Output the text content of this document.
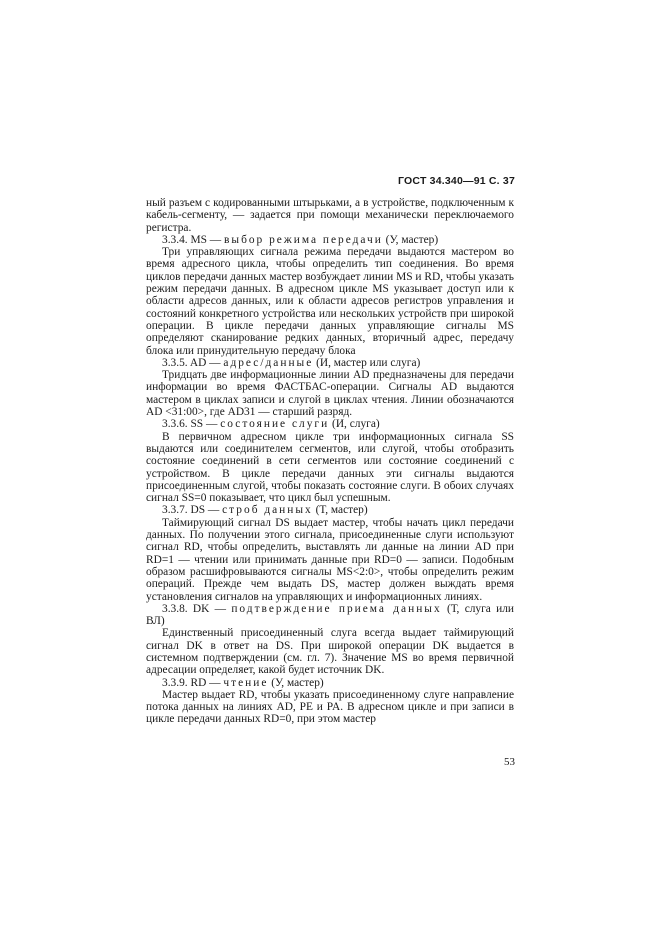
ГОСТ 34.340—91 С. 37

ный разъем с кодированными штырьками, а в устройстве, подключенным к кабель-сегменту, — задается при помощи механически переключаемого регистра.

3.3.4. MS — выбор режима передачи (У, мастер)

Три управляющих сигнала режима передачи выдаются мастером во время адресного цикла, чтобы определить тип соединения. Во время циклов передачи данных мастер возбуждает линии MS и RD, чтобы указать режим передачи данных. В адресном цикле MS указывает доступ или к области адресов данных, или к области адресов регистров управления и состояний конкретного устройства или нескольких устройств при широкой операции. В цикле передачи данных управляющие сигналы MS определяют сканирование редких данных, вторичный адрес, передачу блока или принудительную передачу блока

3.3.5. AD — адрес/данные (И, мастер или слуга)

Тридцать две информационные линии AD предназначены для передачи информации во время ФАСТБАС-операции. Сигналы AD выдаются мастером в циклах записи и слугой в циклах чтения. Линии обозначаются AD <31:00>, где AD31 — старший разряд.

3.3.6. SS — состояние слуги (И, слуга)

В первичном адресном цикле три информационных сигнала SS выдаются или соединителем сегментов, или слугой, чтобы отобразить состояние соединений в сети сегментов или состояние соединений с устройством. В цикле передачи данных эти сигналы выдаются присоединенным слугой, чтобы показать состояние слуги. В обоих случаях сигнал SS=0 показывает, что цикл был успешным.

3.3.7. DS — строб данных (Т, мастер)

Таймирующий сигнал DS выдает мастер, чтобы начать цикл передачи данных. По получении этого сигнала, присоединенные слуги используют сигнал RD, чтобы определить, выставлять ли данные на линии AD при RD=1 — чтении или принимать данные при RD=0 — записи. Подобным образом расшифровываются сигналы MS<2:0>, чтобы определить режим операций. Прежде чем выдать DS, мастер должен выждать время установления сигналов на управляющих и информационных линиях.

3.3.8. DK — подтверждение приема данных (Т, слуга или ВЛ)

Единственный присоединенный слуга всегда выдает таймирующий сигнал DK в ответ на DS. При широкой операции DK выдается в системном подтверждении (см. гл. 7). Значение MS во время первичной адресации определяет, какой будет источник DK.

3.3.9. RD — чтение (У, мастер)

Мастер выдает RD, чтобы указать присоединенному слуге направление потока данных на линиях AD, PE и PA. В адресном цикле и при записи в цикле передачи данных RD=0, при этом мастер

53
